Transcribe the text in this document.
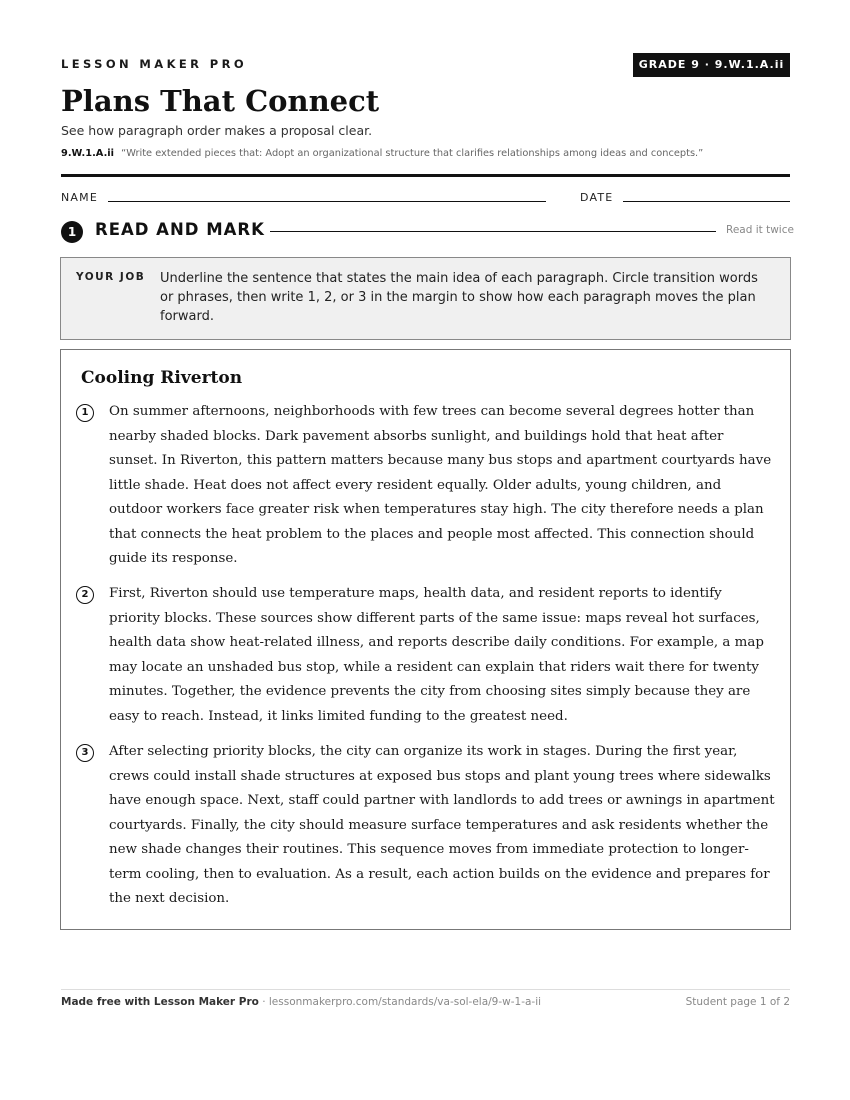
LESSON MAKER PRO	GRADE 9 · 9.W.1.A.ii
Plans That Connect
See how paragraph order makes a proposal clear.
9.W.1.A.ii “Write extended pieces that: Adopt an organizational structure that clarifies relationships among ideas and concepts.”
NAME	DATE
1	READ AND MARK	Read it twice
YOUR JOB Underline the sentence that states the main idea of each paragraph. Circle transition words or phrases, then write 1, 2, or 3 in the margin to show how each paragraph moves the plan forward.
Cooling Riverton
1	On summer afternoons, neighborhoods with few trees can become several degrees hotter than nearby shaded blocks. Dark pavement absorbs sunlight, and buildings hold that heat after sunset. In Riverton, this pattern matters because many bus stops and apartment courtyards have little shade. Heat does not affect every resident equally. Older adults, young children, and outdoor workers face greater risk when temperatures stay high. The city therefore needs a plan that connects the heat problem to the places and people most affected. This connection should guide its response.

2	First, Riverton should use temperature maps, health data, and resident reports to identify priority blocks. These sources show different parts of the same issue: maps reveal hot surfaces, health data show heat-related illness, and reports describe daily conditions. For example, a map may locate an unshaded bus stop, while a resident can explain that riders wait there for twenty minutes. Together, the evidence prevents the city from choosing sites simply because they are easy to reach. Instead, it links limited funding to the greatest need.

3	After selecting priority blocks, the city can organize its work in stages. During the first year, crews could install shade structures at exposed bus stops and plant young trees where sidewalks have enough space. Next, staff could partner with landlords to add trees or awnings in apartment courtyards. Finally, the city should measure surface temperatures and ask residents whether the new shade changes their routines. This sequence moves from immediate protection to longer-term cooling, then to evaluation. As a result, each action builds on the evidence and prepares for the next decision.

Made free with Lesson Maker Pro · lessonmakerpro.com/standards/va-sol-ela/9-w-1-a-ii	Student page 1 of 2
